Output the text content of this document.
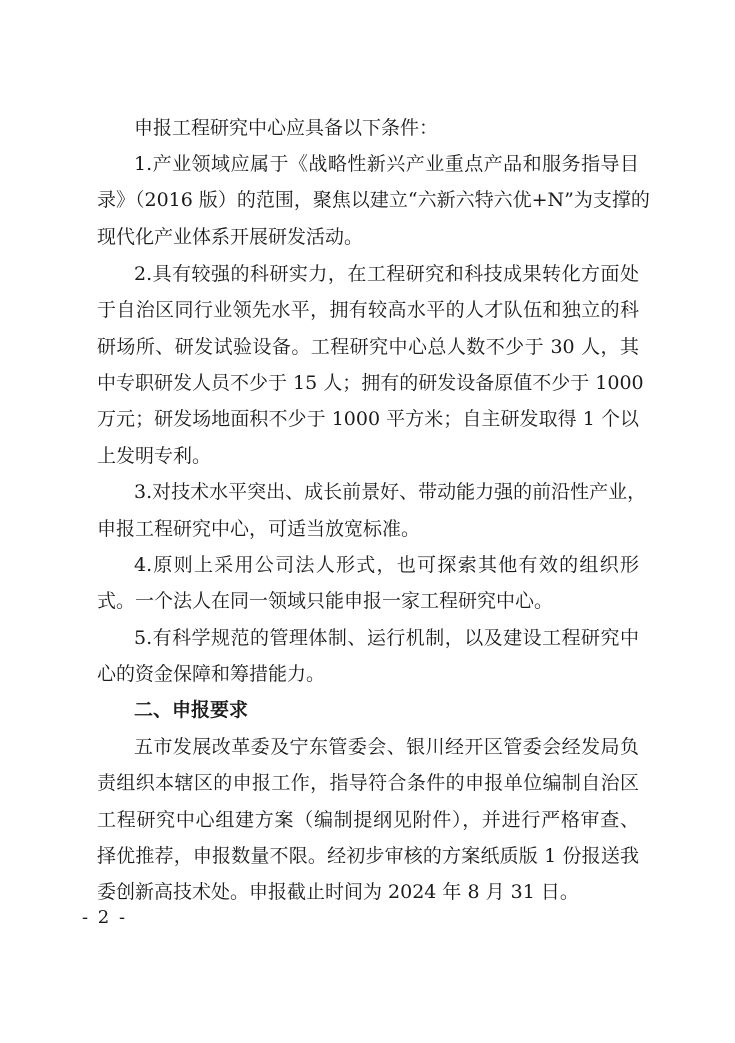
申报工程研究中心应具备以下条件：
1.产业领域应属于《战略性新兴产业重点产品和服务指导目
录》（2016 版）的范围，聚焦以建立“六新六特六优+N”为支撑的
现代化产业体系开展研发活动。
2.具有较强的科研实力，在工程研究和科技成果转化方面处
于自治区同行业领先水平，拥有较高水平的人才队伍和独立的科
研场所、研发试验设备。工程研究中心总人数不少于 30 人，其
中专职研发人员不少于 15 人；拥有的研发设备原值不少于 1000
万元；研发场地面积不少于 1000 平方米；自主研发取得 1 个以
上发明专利。
3.对技术水平突出、成长前景好、带动能力强的前沿性产业，
申报工程研究中心，可适当放宽标准。
4.原则上采用公司法人形式，也可探索其他有效的组织形
式。一个法人在同一领域只能申报一家工程研究中心。
5.有科学规范的管理体制、运行机制，以及建设工程研究中
心的资金保障和筹措能力。
二、申报要求
五市发展改革委及宁东管委会、银川经开区管委会经发局负
责组织本辖区的申报工作，指导符合条件的申报单位编制自治区
工程研究中心组建方案（编制提纲见附件），并进行严格审查、
择优推荐，申报数量不限。经初步审核的方案纸质版 1 份报送我
委创新高技术处。申报截止时间为 2024 年 8 月 31 日。
- 2 -
